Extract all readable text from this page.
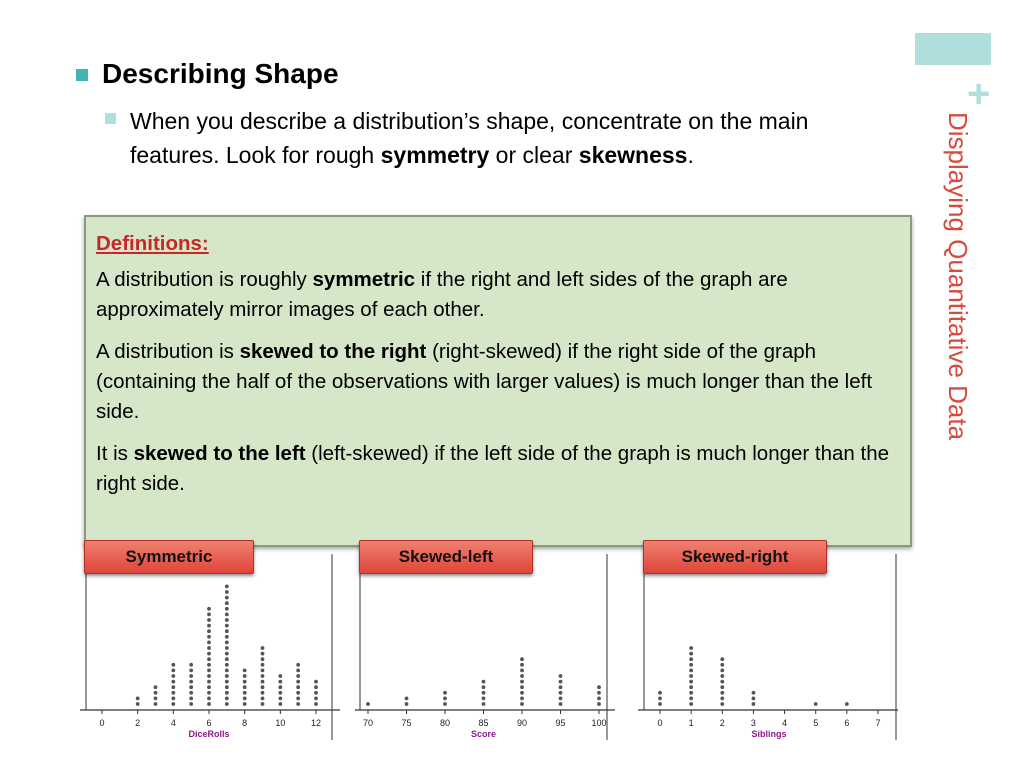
+
Displaying Quantitative Data
Describing Shape
When you describe a distribution’s shape, concentrate on the main features. Look for rough symmetry or clear skewness.
Definitions:

A distribution is roughly symmetric if the right and left sides of the graph are approximately mirror images of each other.

A distribution is skewed to the right (right-skewed) if the right side of the graph (containing the half of the observations with larger values) is much longer than the left side.

It is skewed to the left (left-skewed) if the left side of the graph is much longer than the right side.

0	2	4	6	8	10	12
DiceRolls
70	75	80	85	90	95	100
Score
0	1	2	3	4	5	6	7
Siblings
Symmetric	Skewed-left	Skewed-right
